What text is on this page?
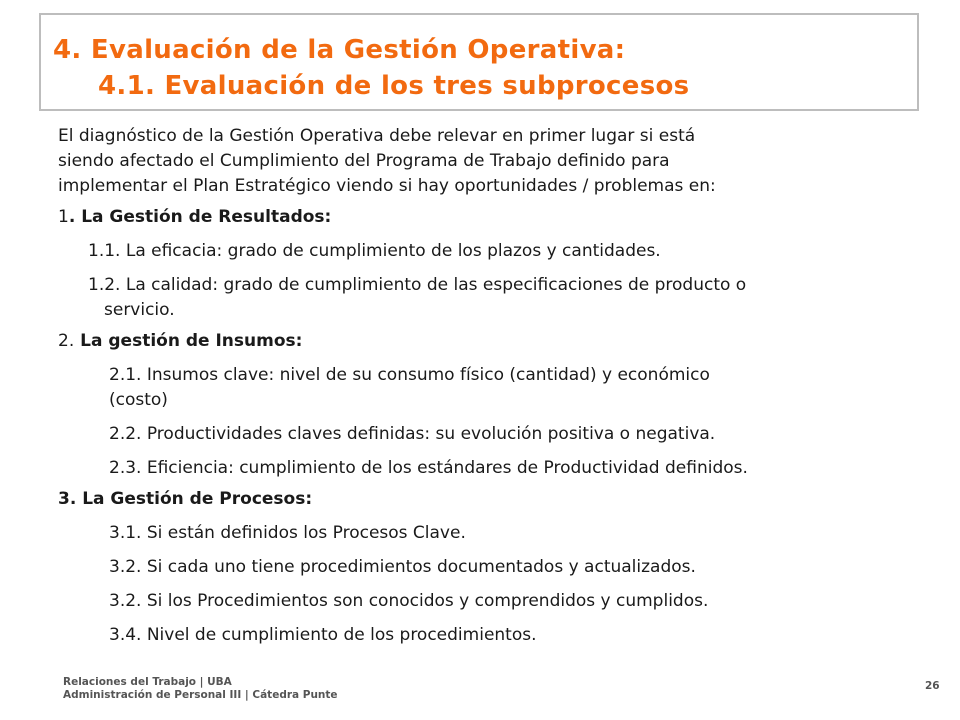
4. Evaluación de la Gestión Operativa:
4.1. Evaluación de los tres subprocesos

El diagnóstico de la Gestión Operativa debe relevar en primer lugar si está
siendo afectado el Cumplimiento del Programa de Trabajo definido para
implementar el Plan Estratégico viendo si hay oportunidades / problemas en:

1. La Gestión de Resultados:
1.1. La eficacia: grado de cumplimiento de los plazos y cantidades.
1.2. La calidad: grado de cumplimiento de las especificaciones de producto o
servicio.
2. La gestión de Insumos:
2.1. Insumos clave: nivel de su consumo físico (cantidad) y económico
(costo)
2.2. Productividades claves definidas: su evolución positiva o negativa.
2.3. Eficiencia: cumplimiento de los estándares de Productividad definidos.
3. La Gestión de Procesos:
3.1. Si están definidos los Procesos Clave.
3.2. Si cada uno tiene procedimientos documentados y actualizados.
3.2. Si los Procedimientos son conocidos y comprendidos y cumplidos.
3.4. Nivel de cumplimiento de los procedimientos.
Relaciones del Trabajo | UBA
Administración de Personal III | Cátedra Punte
26
